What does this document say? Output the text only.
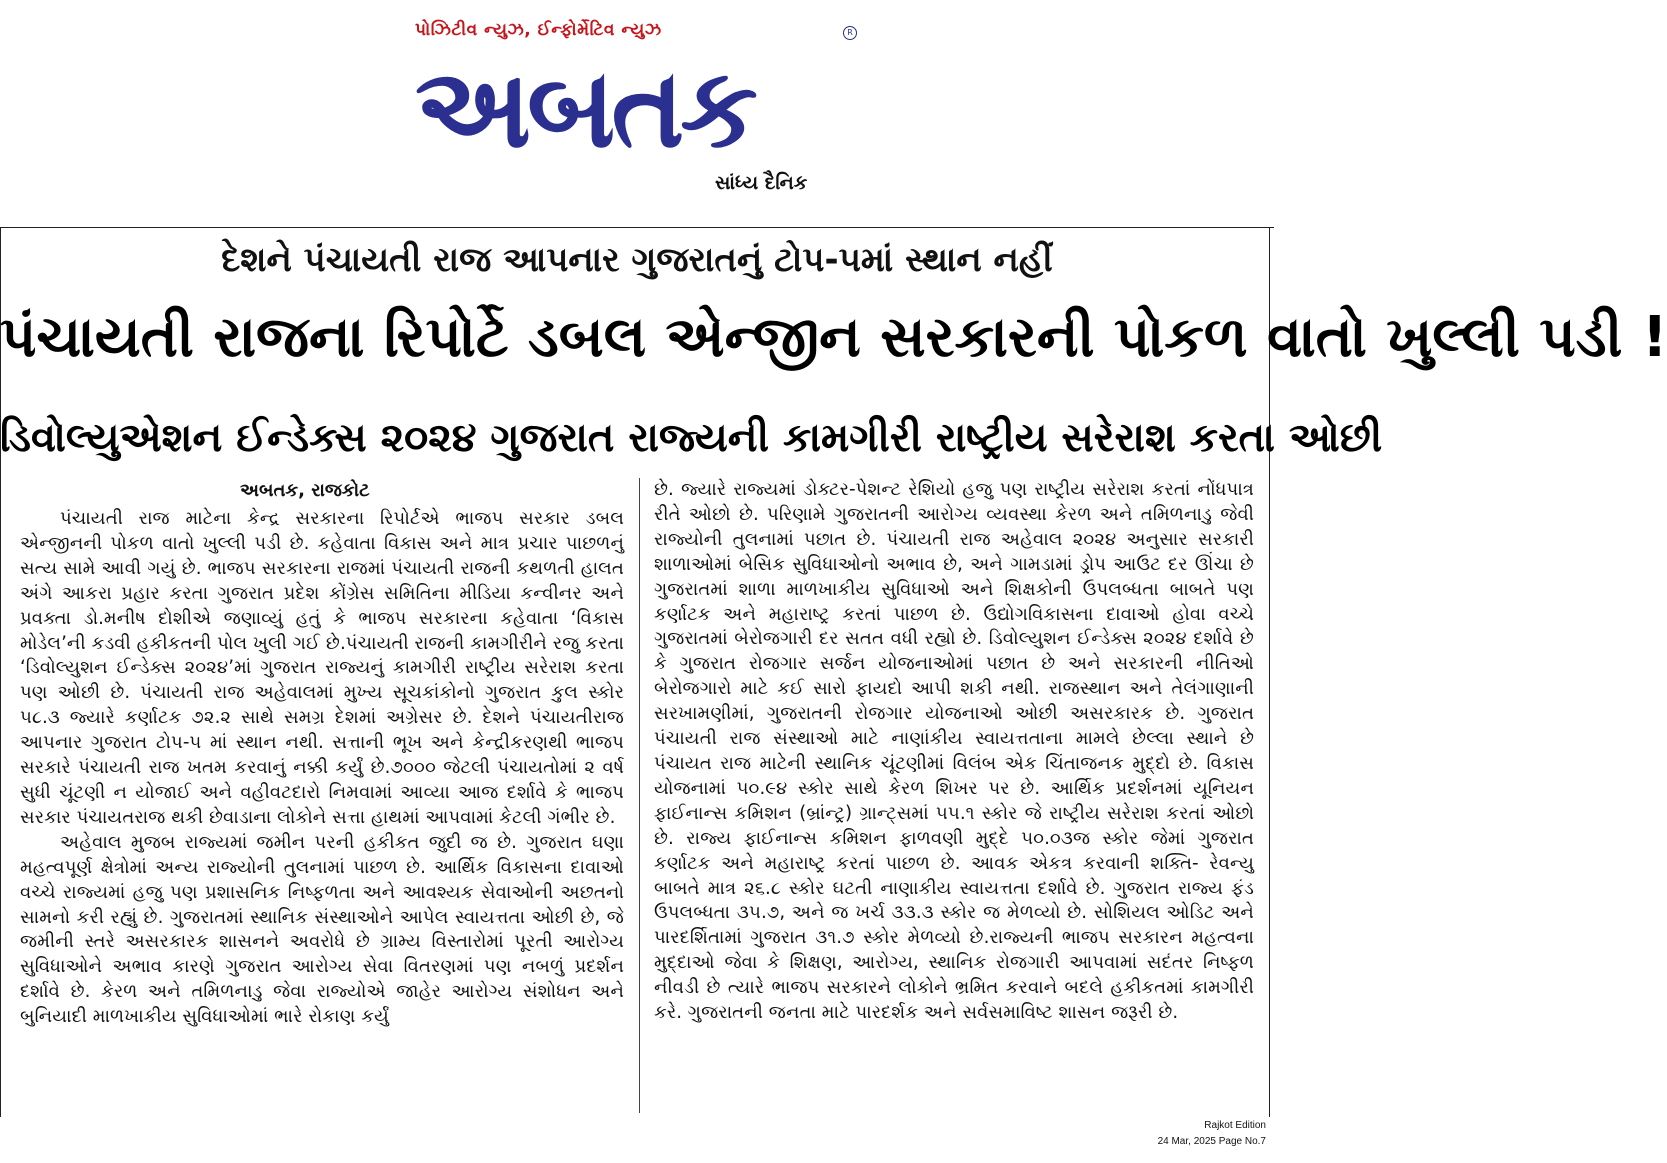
પોઝિટીવ ન્યુઝ, ઈન્ફોર્મેટિવ ન્યુઝ	R
અબતક
સાંધ્ય દૈનિક
દેશને પંચાયતી રાજ આપનાર ગુજરાતનું ટોપ-૫માં સ્થાન નહીં
પંચાયતી રાજના રિપોર્ટે ડબલ એન્જીન સરકારની પોકળ વાતો ખુલ્લી પડી !
ડિવોલ્યુએશન ઈન્ડેક્સ ૨૦૨૪ ગુજરાત રાજ્યની કામગીરી રાષ્ટ્રીય સરેરાશ કરતા ઓછી
અબતક, રાજકોટ

પંચાયતી રાજ માટેના કેન્દ્ર સરકારના રિપોર્ટએ ભાજપ સરકાર ડબલ એન્જીનની પોકળ વાતો ખુલ્લી પડી છે. કહેવાતા વિકાસ અને માત્ર પ્રચાર પાછળનું સત્ય સામે આવી ગયું છે. ભાજપ સરકારના રાજમાં પંચાયતી રાજની કથળતી હાલત અંગે આકરા પ્રહાર કરતા ગુજરાત પ્રદેશ કોંગ્રેસ સમિતિના મીડિયા કન્વીનર અને પ્રવક્તા ડો.મનીષ દોશીએ જણાવ્યું હતું કે ભાજપ સરકારના કહેવાતા ‘વિકાસ મોડેલ’ની કડવી હકીકતની પોલ ખુલી ગઈ છે.પંચાયતી રાજની કામગીરીને રજુ કરતા ‘ડિવોલ્યુશન ઈન્ડેક્સ ૨૦૨૪’માં ગુજરાત રાજ્યનું કામગીરી રાષ્ટ્રીય સરેરાશ કરતા પણ ઓછી છે. પંચાયતી રાજ અહેવાલમાં મુખ્ય સૂચકાંકોનો ગુજરાત કુલ સ્કોર ૫૮.૩ જ્યારે કર્ણાટક ૭૨.૨ સાથે સમગ્ર દેશમાં અગ્રેસર છે. દેશને પંચાયતીરાજ આપનાર ગુજરાત ટોપ-૫ માં સ્થાન નથી. સત્તાની ભૂખ અને કેન્દ્રીકરણથી ભાજપ સરકારે પંચાયતી રાજ ખતમ કરવાનું નક્કી કર્યું છે.૭૦૦૦ જેટલી પંચાયતોમાં ૨ વર્ષ સુધી ચૂંટણી ન યોજાઈ અને વહીવટદારો નિમવામાં આવ્યા આજ દર્શાવે કે ભાજપ સરકાર પંચાયતરાજ થકી છેવાડાના લોકોને સત્તા હાથમાં આપવામાં કેટલી ગંભીર છે.

અહેવાલ મુજબ રાજ્યમાં જમીન પરની હકીકત જુદી જ છે. ગુજરાત ઘણા મહત્વપૂર્ણ ક્ષેત્રોમાં અન્ય રાજ્યોની તુલનામાં પાછળ છે. આર્થિક વિકાસના દાવાઓ વચ્ચે રાજ્યમાં હજુ પણ પ્રશાસનિક નિષ્ફળતા અને આવશ્યક સેવાઓની અછતનો સામનો કરી રહ્યું છે. ગુજરાતમાં સ્થાનિક સંસ્થાઓને આપેલ સ્વાયત્તતા ઓછી છે, જે જમીની સ્તરે અસરકારક શાસનને અવરોધે છે ગ્રામ્ય વિસ્તારોમાં પૂરતી આરોગ્ય સુવિધાઓને અભાવ કારણે ગુજરાત આરોગ્ય સેવા વિતરણમાં પણ નબળું પ્રદર્શન દર્શાવે છે. કેરળ અને તમિળનાડુ જેવા રાજ્યોએ જાહેર આરોગ્ય સંશોધન અને બુનિયાદી માળખાકીય સુવિધાઓમાં ભારે રોકાણ કર્યું

છે. જ્યારે રાજ્યમાં ડોક્ટર-પેશન્ટ રેશિયો હજુ પણ રાષ્ટ્રીય સરેરાશ કરતાં નોંધપાત્ર રીતે ઓછો છે. પરિણામે ગુજરાતની આરોગ્ય વ્યવસ્થા કેરળ અને તમિળનાડુ જેવી રાજ્યોની તુલનામાં પછાત છે. પંચાયતી રાજ અહેવાલ ૨૦૨૪ અનુસાર સરકારી શાળાઓમાં બેસિક સુવિધાઓનો અભાવ છે, અને ગામડામાં ડ્રોપ આઉટ દર ઊંચા છે ગુજરાતમાં શાળા માળખાકીય સુવિધાઓ અને શિક્ષકોની ઉપલબ્ધતા બાબતે પણ કર્ણાટક અને મહારાષ્ટ્ર કરતાં પાછળ છે. ઉદ્યોગવિકાસના દાવાઓ હોવા વચ્ચે ગુજરાતમાં બેરોજગારી દર સતત વધી રહ્યો છે. ડિવોલ્યુશન ઈન્ડેક્સ ૨૦૨૪ દર્શાવે છે કે ગુજરાત રોજગાર સર્જન યોજનાઓમાં પછાત છે અને સરકારની નીતિઓ બેરોજગારો માટે કઈ સારો ફાયદો આપી શકી નથી. રાજસ્થાન અને તેલંગાણાની સરખામણીમાં, ગુજરાતની રોજગાર યોજનાઓ ઓછી અસરકારક છે. ગુજરાત પંચાયતી રાજ સંસ્થાઓ માટે નાણાંકીય સ્વાયત્તતાના મામલે છેલ્લા સ્થાને છે પંચાયત રાજ માટેની સ્થાનિક ચૂંટણીમાં વિલંબ એક ચિંતાજનક મુદ્દો છે. વિકાસ યોજનામાં ૫૦.૯૪ સ્કોર સાથે કેરળ શિખર પર છે. આર્થિક પ્રદર્શનમાં યૂનિયન ફાઈનાન્સ કમિશન (બ્રાંન્ટ્ર) ગ્રાન્ટ્સમાં ૫૫.૧ સ્કોર જે રાષ્ટ્રીય સરેરાશ કરતાં ઓછો છે. રાજ્ય ફાઈનાન્સ કમિશન ફાળવણી મુદ્દે ૫૦.૦૩જ સ્કોર જેમાં ગુજરાત કર્ણાટક અને મહારાષ્ટ્ર કરતાં પાછળ છે. આવક એકત્ર કરવાની શક્તિ- રેવન્યુ બાબતે માત્ર ૨૬.૮ સ્કોર ઘટતી નાણાકીય સ્વાયત્તતા દર્શાવે છે. ગુજરાત રાજ્ય ફંડ ઉપલબ્ધતા ૩૫.૭, અને જ ખર્ચ ૩૩.૩ સ્કોર જ મેળવ્યો છે. સોશિયલ ઓડિટ અને પારદર્શિતામાં ગુજરાત ૩૧.૭ સ્કોર મેળવ્યો છે.રાજ્યની ભાજપ સરકારન મહત્વના મુદ્દાઓ જેવા કે શિક્ષણ, આરોગ્ય, સ્થાનિક રોજગારી આપવામાં સદંતર નિષ્ફળ નીવડી છે ત્યારે ભાજપ સરકારને લોકોને ભ્રમિત કરવાને બદલે હકીકતમાં કામગીરી કરે. ગુજરાતની જનતા માટે પારદર્શક અને સર્વસમાવિષ્ટ શાસન જરૂરી છે.

Rajkot Edition
24 Mar, 2025 Page No.7
